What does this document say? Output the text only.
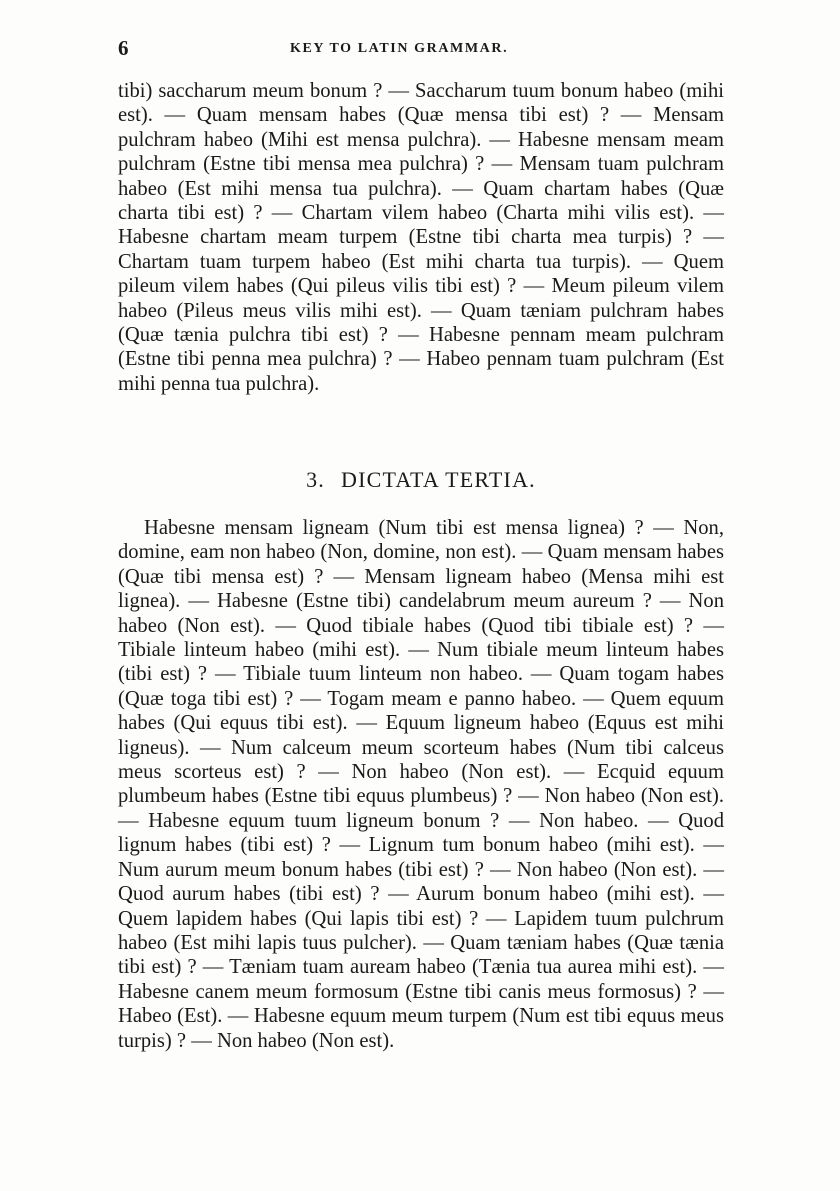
6	KEY TO LATIN GRAMMAR.

tibi) saccharum meum bonum ? — Saccharum tuum bonum habeo (mihi est). — Quam mensam habes (Quæ mensa tibi est) ? — Mensam pulchram habeo (Mihi est mensa pulchra). — Habesne mensam meam pulchram (Estne tibi mensa mea pulchra) ? — Mensam tuam pulchram habeo (Est mihi mensa tua pulchra). — Quam chartam habes (Quæ charta tibi est) ? — Chartam vilem habeo (Charta mihi vilis est). — Habesne chartam meam turpem (Estne tibi charta mea turpis) ? — Chartam tuam turpem habeo (Est mihi charta tua turpis). — Quem pileum vilem habes (Qui pileus vilis tibi est) ? — Meum pileum vilem habeo (Pileus meus vilis mihi est). — Quam tæniam pulchram habes (Quæ tænia pulchra tibi est) ? — Habesne pennam meam pulchram (Estne tibi penna mea pulchra) ? — Habeo pennam tuam pulchram (Est mihi penna tua pulchra).

3. DICTATA TERTIA.

Habesne mensam ligneam (Num tibi est mensa lignea) ? — Non, domine, eam non habeo (Non, domine, non est). — Quam mensam habes (Quæ tibi mensa est) ? — Mensam ligneam habeo (Mensa mihi est lignea). — Habesne (Estne tibi) candelabrum meum aureum ? — Non habeo (Non est). — Quod tibiale habes (Quod tibi tibiale est) ? — Tibiale linteum habeo (mihi est). — Num tibiale meum linteum habes (tibi est) ? — Tibiale tuum linteum non habeo. — Quam togam habes (Quæ toga tibi est) ? — Togam meam e panno habeo. — Quem equum habes (Qui equus tibi est). — Equum ligneum habeo (Equus est mihi ligneus). — Num calceum meum scorteum habes (Num tibi calceus meus scorteus est) ? — Non habeo (Non est). — Ecquid equum plumbeum habes (Estne tibi equus plumbeus) ? — Non habeo (Non est). — Habesne equum tuum ligneum bonum ? — Non habeo. — Quod lignum habes (tibi est) ? — Lignum tum bonum habeo (mihi est). — Num aurum meum bonum habes (tibi est) ? — Non habeo (Non est). — Quod aurum habes (tibi est) ? — Aurum bonum habeo (mihi est). — Quem lapidem habes (Qui lapis tibi est) ? — Lapidem tuum pulchrum habeo (Est mihi lapis tuus pulcher). — Quam tæniam habes (Quæ tænia tibi est) ? — Tæniam tuam auream habeo (Tænia tua aurea mihi est). — Habesne canem meum formosum (Estne tibi canis meus formosus) ? — Habeo (Est). — Habesne equum meum turpem (Num est tibi equus meus turpis) ? — Non habeo (Non est).
